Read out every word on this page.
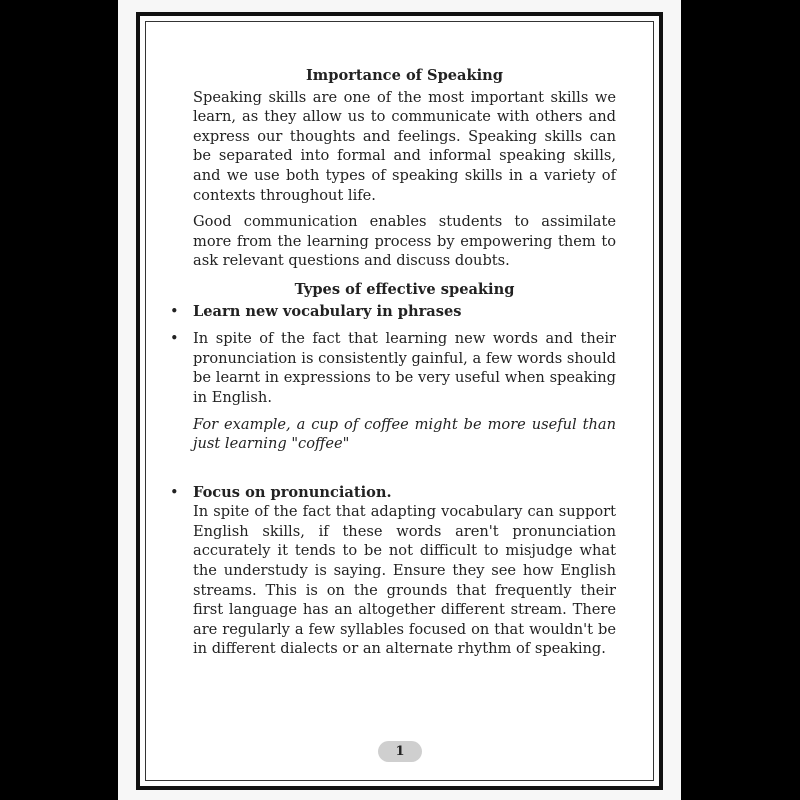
Importance of Speaking

Speaking skills are one of the most important skills we learn, as they allow us to communicate with others and express our thoughts and feelings. Speaking skills can be separated into formal and informal speaking skills, and we use both types of speaking skills in a variety of contexts throughout life.

Good communication enables students to assimilate more from the learning process by empowering them to ask relevant questions and discuss doubts.

Types of effective speaking

• Learn new vocabulary in phrases
• In spite of the fact that learning new words and their pronunciation is consistently gainful, a few words should be learnt in expressions to be very useful when speaking in English.

For example, a cup of coffee might be more useful than just learning "coffee"

• Focus on pronunciation.

In spite of the fact that adapting vocabulary can support English skills, if these words aren't pronunciation accurately it tends to be not difficult to misjudge what the understudy is saying. Ensure they see how English streams. This is on the grounds that frequently their first language has an altogether different stream. There are regularly a few syllables focused on that wouldn't be in different dialects or an alternate rhythm of speaking.

1
